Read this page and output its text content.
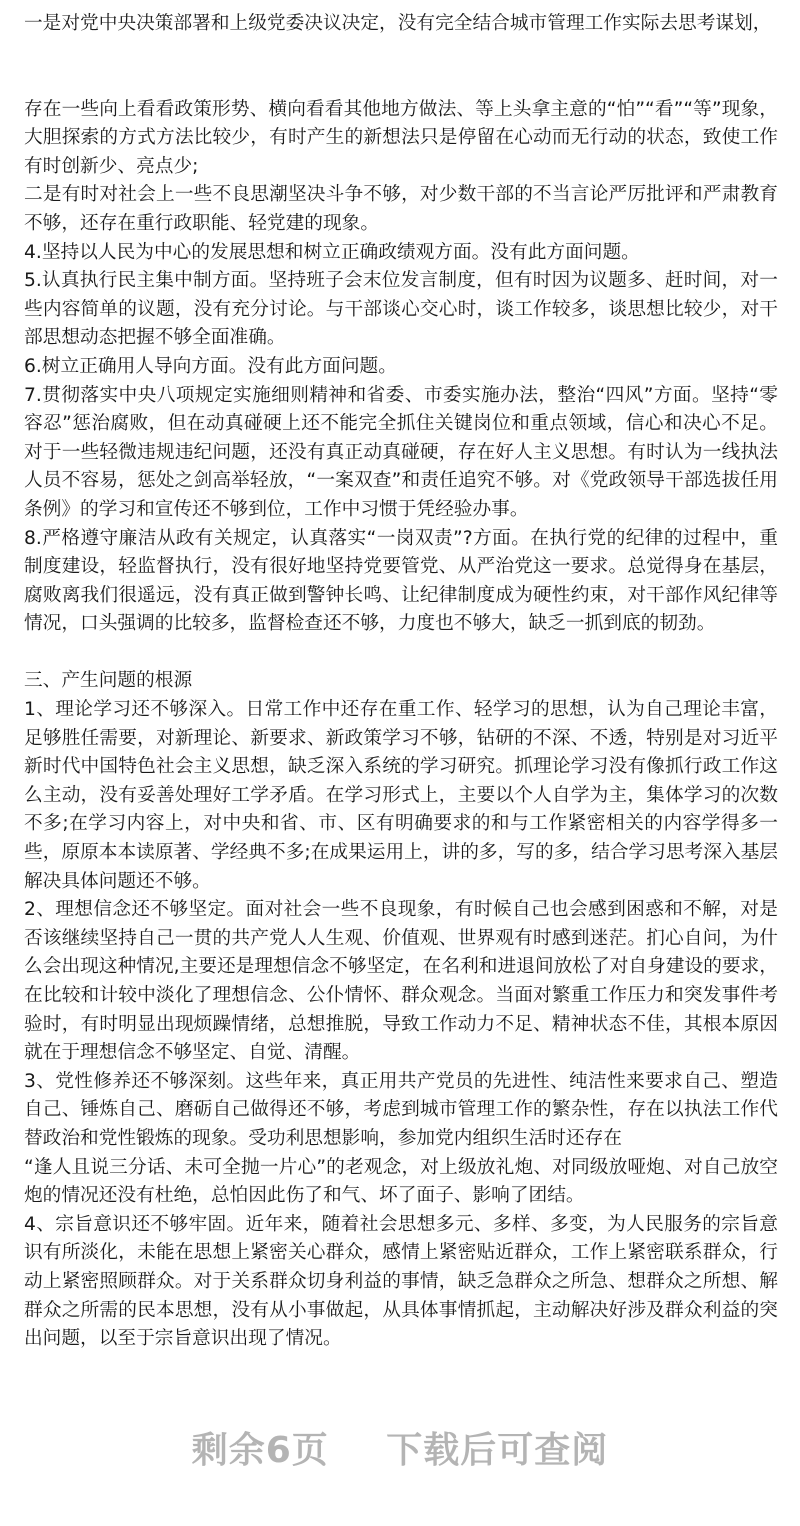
一是对党中央决策部署和上级党委决议决定，没有完全结合城市管理工作实际去思考谋划，

存在一些向上看看政策形势、横向看看其他地方做法、等上头拿主意的“怕”“看”“等”现象，大胆探索的方式方法比较少，有时产生的新想法只是停留在心动而无行动的状态，致使工作有时创新少、亮点少;

二是有时对社会上一些不良思潮坚决斗争不够，对少数干部的不当言论严厉批评和严肃教育不够，还存在重行政职能、轻党建的现象。

4.坚持以人民为中心的发展思想和树立正确政绩观方面。没有此方面问题。

5.认真执行民主集中制方面。坚持班子会末位发言制度，但有时因为议题多、赶时间，对一些内容简单的议题，没有充分讨论。与干部谈心交心时，谈工作较多，谈思想比较少，对干部思想动态把握不够全面准确。

6.树立正确用人导向方面。没有此方面问题。

7.贯彻落实中央八项规定实施细则精神和省委、市委实施办法，整治“四风”方面。坚持“零容忍”惩治腐败，但在动真碰硬上还不能完全抓住关键岗位和重点领域，信心和决心不足。对于一些轻微违规违纪问题，还没有真正动真碰硬，存在好人主义思想。有时认为一线执法人员不容易，惩处之剑高举轻放，“一案双查”和责任追究不够。对《党政领导干部选拔任用条例》的学习和宣传还不够到位，工作中习惯于凭经验办事。

8.严格遵守廉洁从政有关规定，认真落实“一岗双责”?方面。在执行党的纪律的过程中，重制度建设，轻监督执行，没有很好地坚持党要管党、从严治党这一要求。总觉得身在基层，腐败离我们很遥远，没有真正做到警钟长鸣、让纪律制度成为硬性约束，对干部作风纪律等情况，口头强调的比较多，监督检查还不够，力度也不够大，缺乏一抓到底的韧劲。

三、产生问题的根源

1、理论学习还不够深入。日常工作中还存在重工作、轻学习的思想，认为自己理论丰富，足够胜任需要，对新理论、新要求、新政策学习不够，钻研的不深、不透，特别是对习近平新时代中国特色社会主义思想，缺乏深入系统的学习研究。抓理论学习没有像抓行政工作这么主动，没有妥善处理好工学矛盾。在学习形式上，主要以个人自学为主，集体学习的次数不多;在学习内容上，对中央和省、市、区有明确要求的和与工作紧密相关的内容学得多一些，原原本本读原著、学经典不多;在成果运用上，讲的多，写的多，结合学习思考深入基层解决具体问题还不够。

2、理想信念还不够坚定。面对社会一些不良现象，有时候自己也会感到困惑和不解，对是否该继续坚持自己一贯的共产党人人生观、价值观、世界观有时感到迷茫。扪心自问，为什么会出现这种情况,主要还是理想信念不够坚定，在名利和进退间放松了对自身建设的要求，在比较和计较中淡化了理想信念、公仆情怀、群众观念。当面对繁重工作压力和突发事件考验时，有时明显出现烦躁情绪，总想推脱，导致工作动力不足、精神状态不佳，其根本原因就在于理想信念不够坚定、自觉、清醒。

3、党性修养还不够深刻。这些年来，真正用共产党员的先进性、纯洁性来要求自己、塑造自己、锤炼自己、磨砺自己做得还不够，考虑到城市管理工作的繁杂性，存在以执法工作代替政治和党性锻炼的现象。受功利思想影响，参加党内组织生活时还存在

“逢人且说三分话、未可全抛一片心”的老观念，对上级放礼炮、对同级放哑炮、对自己放空炮的情况还没有杜绝，总怕因此伤了和气、坏了面子、影响了团结。

4、宗旨意识还不够牢固。近年来，随着社会思想多元、多样、多变，为人民服务的宗旨意识有所淡化，未能在思想上紧密关心群众，感情上紧密贴近群众，工作上紧密联系群众，行动上紧密照顾群众。对于关系群众切身利益的事情，缺乏急群众之所急、想群众之所想、解群众之所需的民本思想，没有从小事做起，从具体事情抓起，主动解决好涉及群众利益的突出问题，以至于宗旨意识出现了情况。

剩余6页 下载后可查阅
